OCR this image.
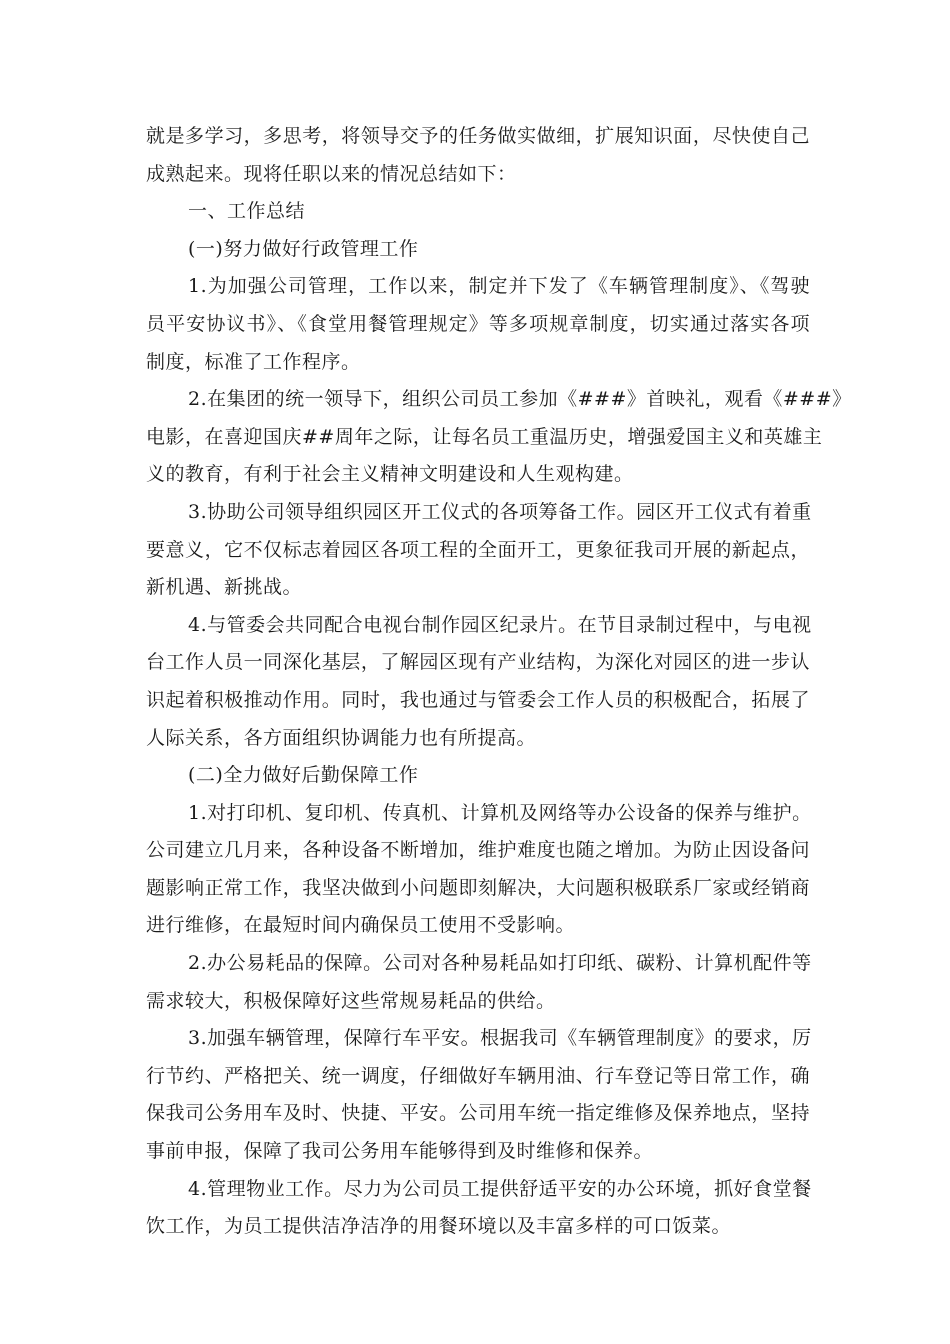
就是多学习，多思考，将领导交予的任务做实做细，扩展知识面，尽快使自己
成熟起来。现将任职以来的情况总结如下：
一、工作总结
(一)努力做好行政管理工作
1.为加强公司管理，工作以来，制定并下发了《车辆管理制度》、《驾驶
员平安协议书》、《食堂用餐管理规定》等多项规章制度，切实通过落实各项
制度，标准了工作程序。
2.在集团的统一领导下，组织公司员工参加《###》首映礼，观看《###》
电影，在喜迎国庆##周年之际，让每名员工重温历史，增强爱国主义和英雄主
义的教育，有利于社会主义精神文明建设和人生观构建。
3.协助公司领导组织园区开工仪式的各项筹备工作。园区开工仪式有着重
要意义，它不仅标志着园区各项工程的全面开工，更象征我司开展的新起点，
新机遇、新挑战。
4.与管委会共同配合电视台制作园区纪录片。在节目录制过程中，与电视
台工作人员一同深化基层，了解园区现有产业结构，为深化对园区的进一步认
识起着积极推动作用。同时，我也通过与管委会工作人员的积极配合，拓展了
人际关系，各方面组织协调能力也有所提高。
(二)全力做好后勤保障工作
1.对打印机、复印机、传真机、计算机及网络等办公设备的保养与维护。
公司建立几月来，各种设备不断增加，维护难度也随之增加。为防止因设备问
题影响正常工作，我坚决做到小问题即刻解决，大问题积极联系厂家或经销商
进行维修，在最短时间内确保员工使用不受影响。
2.办公易耗品的保障。公司对各种易耗品如打印纸、碳粉、计算机配件等
需求较大，积极保障好这些常规易耗品的供给。
3.加强车辆管理，保障行车平安。根据我司《车辆管理制度》的要求，厉
行节约、严格把关、统一调度，仔细做好车辆用油、行车登记等日常工作，确
保我司公务用车及时、快捷、平安。公司用车统一指定维修及保养地点，坚持
事前申报，保障了我司公务用车能够得到及时维修和保养。
4.管理物业工作。尽力为公司员工提供舒适平安的办公环境，抓好食堂餐
饮工作，为员工提供洁净洁净的用餐环境以及丰富多样的可口饭菜。
